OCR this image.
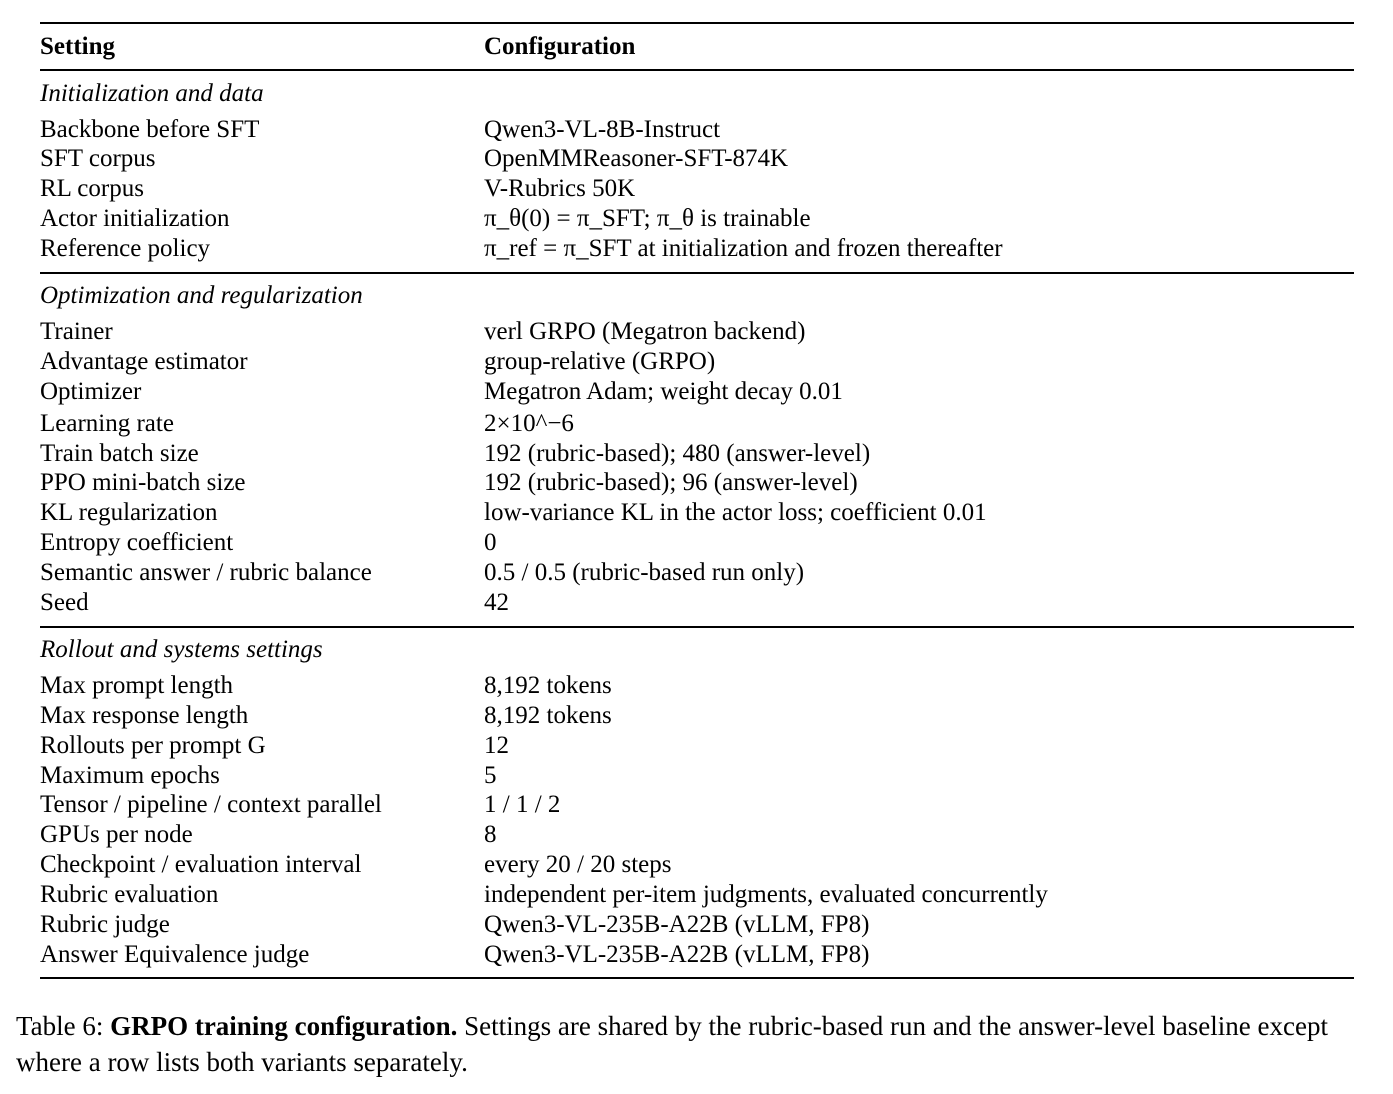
Setting	Configuration
Initialization and data
Backbone before SFT	Qwen3-VL-8B-Instruct
SFT corpus	OpenMMReasoner-SFT-874K
RL corpus	V-Rubrics 50K
Actor initialization	π_θ(0) = π_SFT; π_θ is trainable
Reference policy	π_ref = π_SFT at initialization and frozen thereafter
Optimization and regularization
Trainer	verl GRPO (Megatron backend)
Advantage estimator	group-relative (GRPO)
Optimizer	Megatron Adam; weight decay 0.01
Learning rate	2×10^−6
Train batch size	192 (rubric-based); 480 (answer-level)
PPO mini-batch size	192 (rubric-based); 96 (answer-level)
KL regularization	low-variance KL in the actor loss; coefficient 0.01
Entropy coefficient	0
Semantic answer / rubric balance	0.5 / 0.5 (rubric-based run only)
Seed	42
Rollout and systems settings
Max prompt length	8,192 tokens
Max response length	8,192 tokens
Rollouts per prompt G	12
Maximum epochs	5
Tensor / pipeline / context parallel	1 / 1 / 2
GPUs per node	8
Checkpoint / evaluation interval	every 20 / 20 steps
Rubric evaluation	independent per-item judgments, evaluated concurrently
Rubric judge	Qwen3-VL-235B-A22B (vLLM, FP8)
Answer Equivalence judge	Qwen3-VL-235B-A22B (vLLM, FP8)
Table 6: GRPO training configuration. Settings are shared by the rubric-based run and the answer-level baseline except where a row lists both variants separately.
